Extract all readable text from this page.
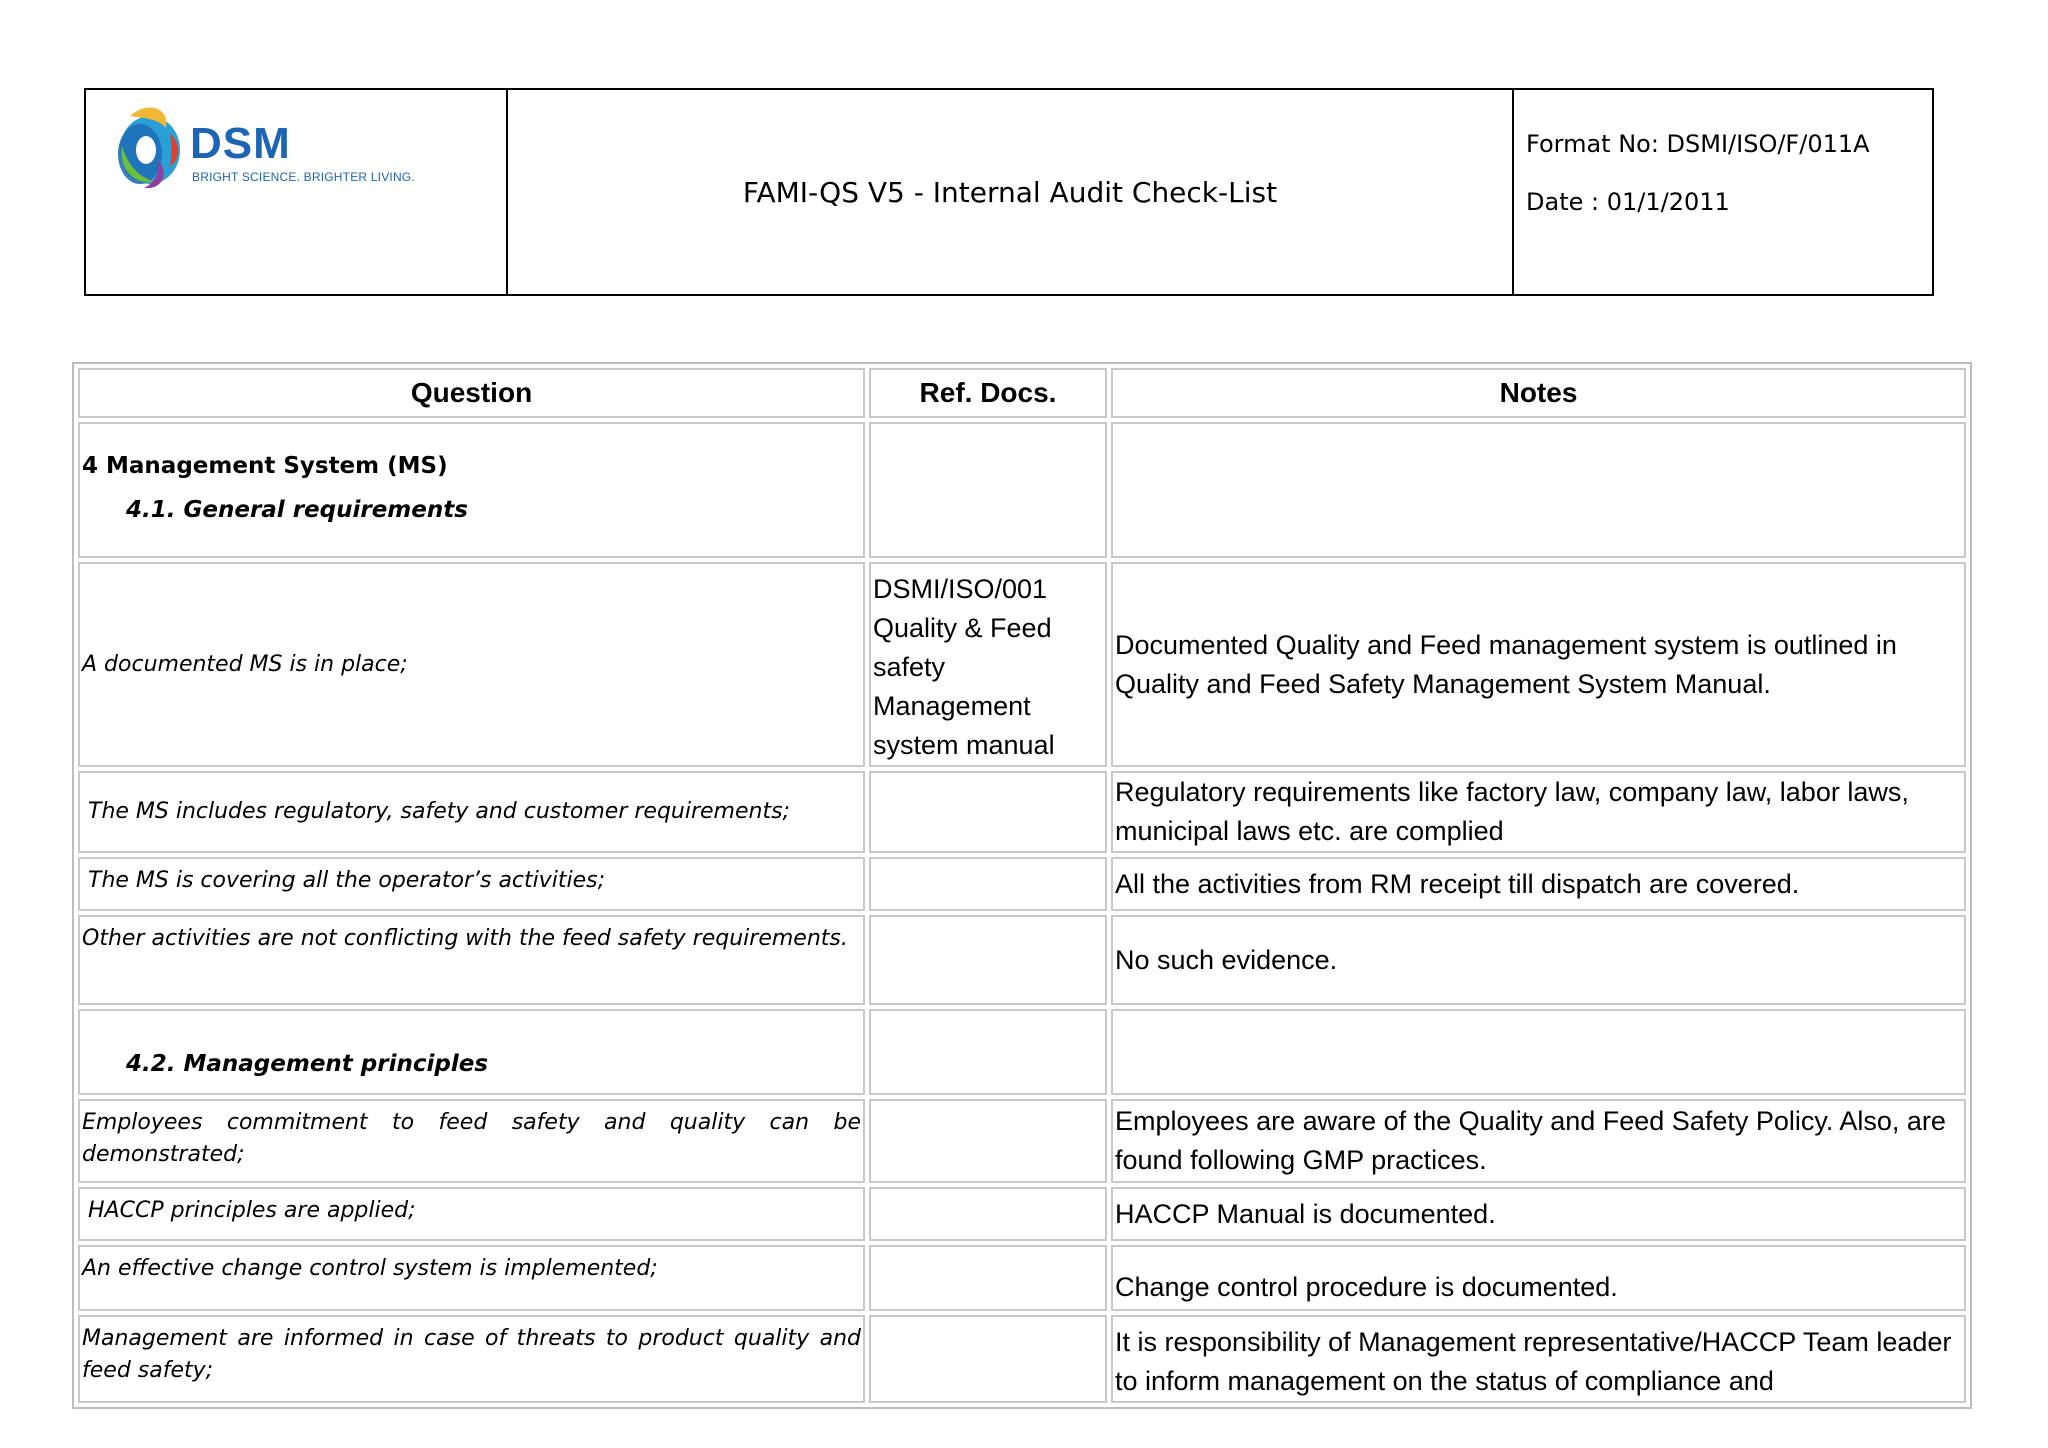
DSM
BRIGHT SCIENCE. BRIGHTER LIVING.	FAMI-QS V5 - Internal Audit Check-List	
Format No: DSMI/ISO/F/011A
Date : 01/1/2011
Question	Ref. Docs.	Notes

4 Management System (MS)
4.1. General requirements		

A documented MS is in place;	DSMI/ISO/001 Quality & Feed safety Management system manual	Documented Quality and Feed management system is outlined in Quality and Feed Safety Management System Manual.
The MS includes regulatory, safety and customer requirements;		Regulatory requirements like factory law, company law, labor laws, municipal laws etc. are complied
The MS is covering all the operator’s activities;		All the activities from RM receipt till dispatch are covered.
Other activities are not conflicting with the feed safety requirements.		No such evidence.

4.2. Management principles		

Employees commitment to feed safety and quality can be demonstrated;		Employees are aware of the Quality and Feed Safety Policy. Also, are found following GMP practices.
HACCP principles are applied;		HACCP Manual is documented.
An effective change control system is implemented;		Change control procedure is documented.
Management are informed in case of threats to product quality and feed safety;		It is responsibility of Management representative/HACCP Team leader to inform management on the status of compliance and
